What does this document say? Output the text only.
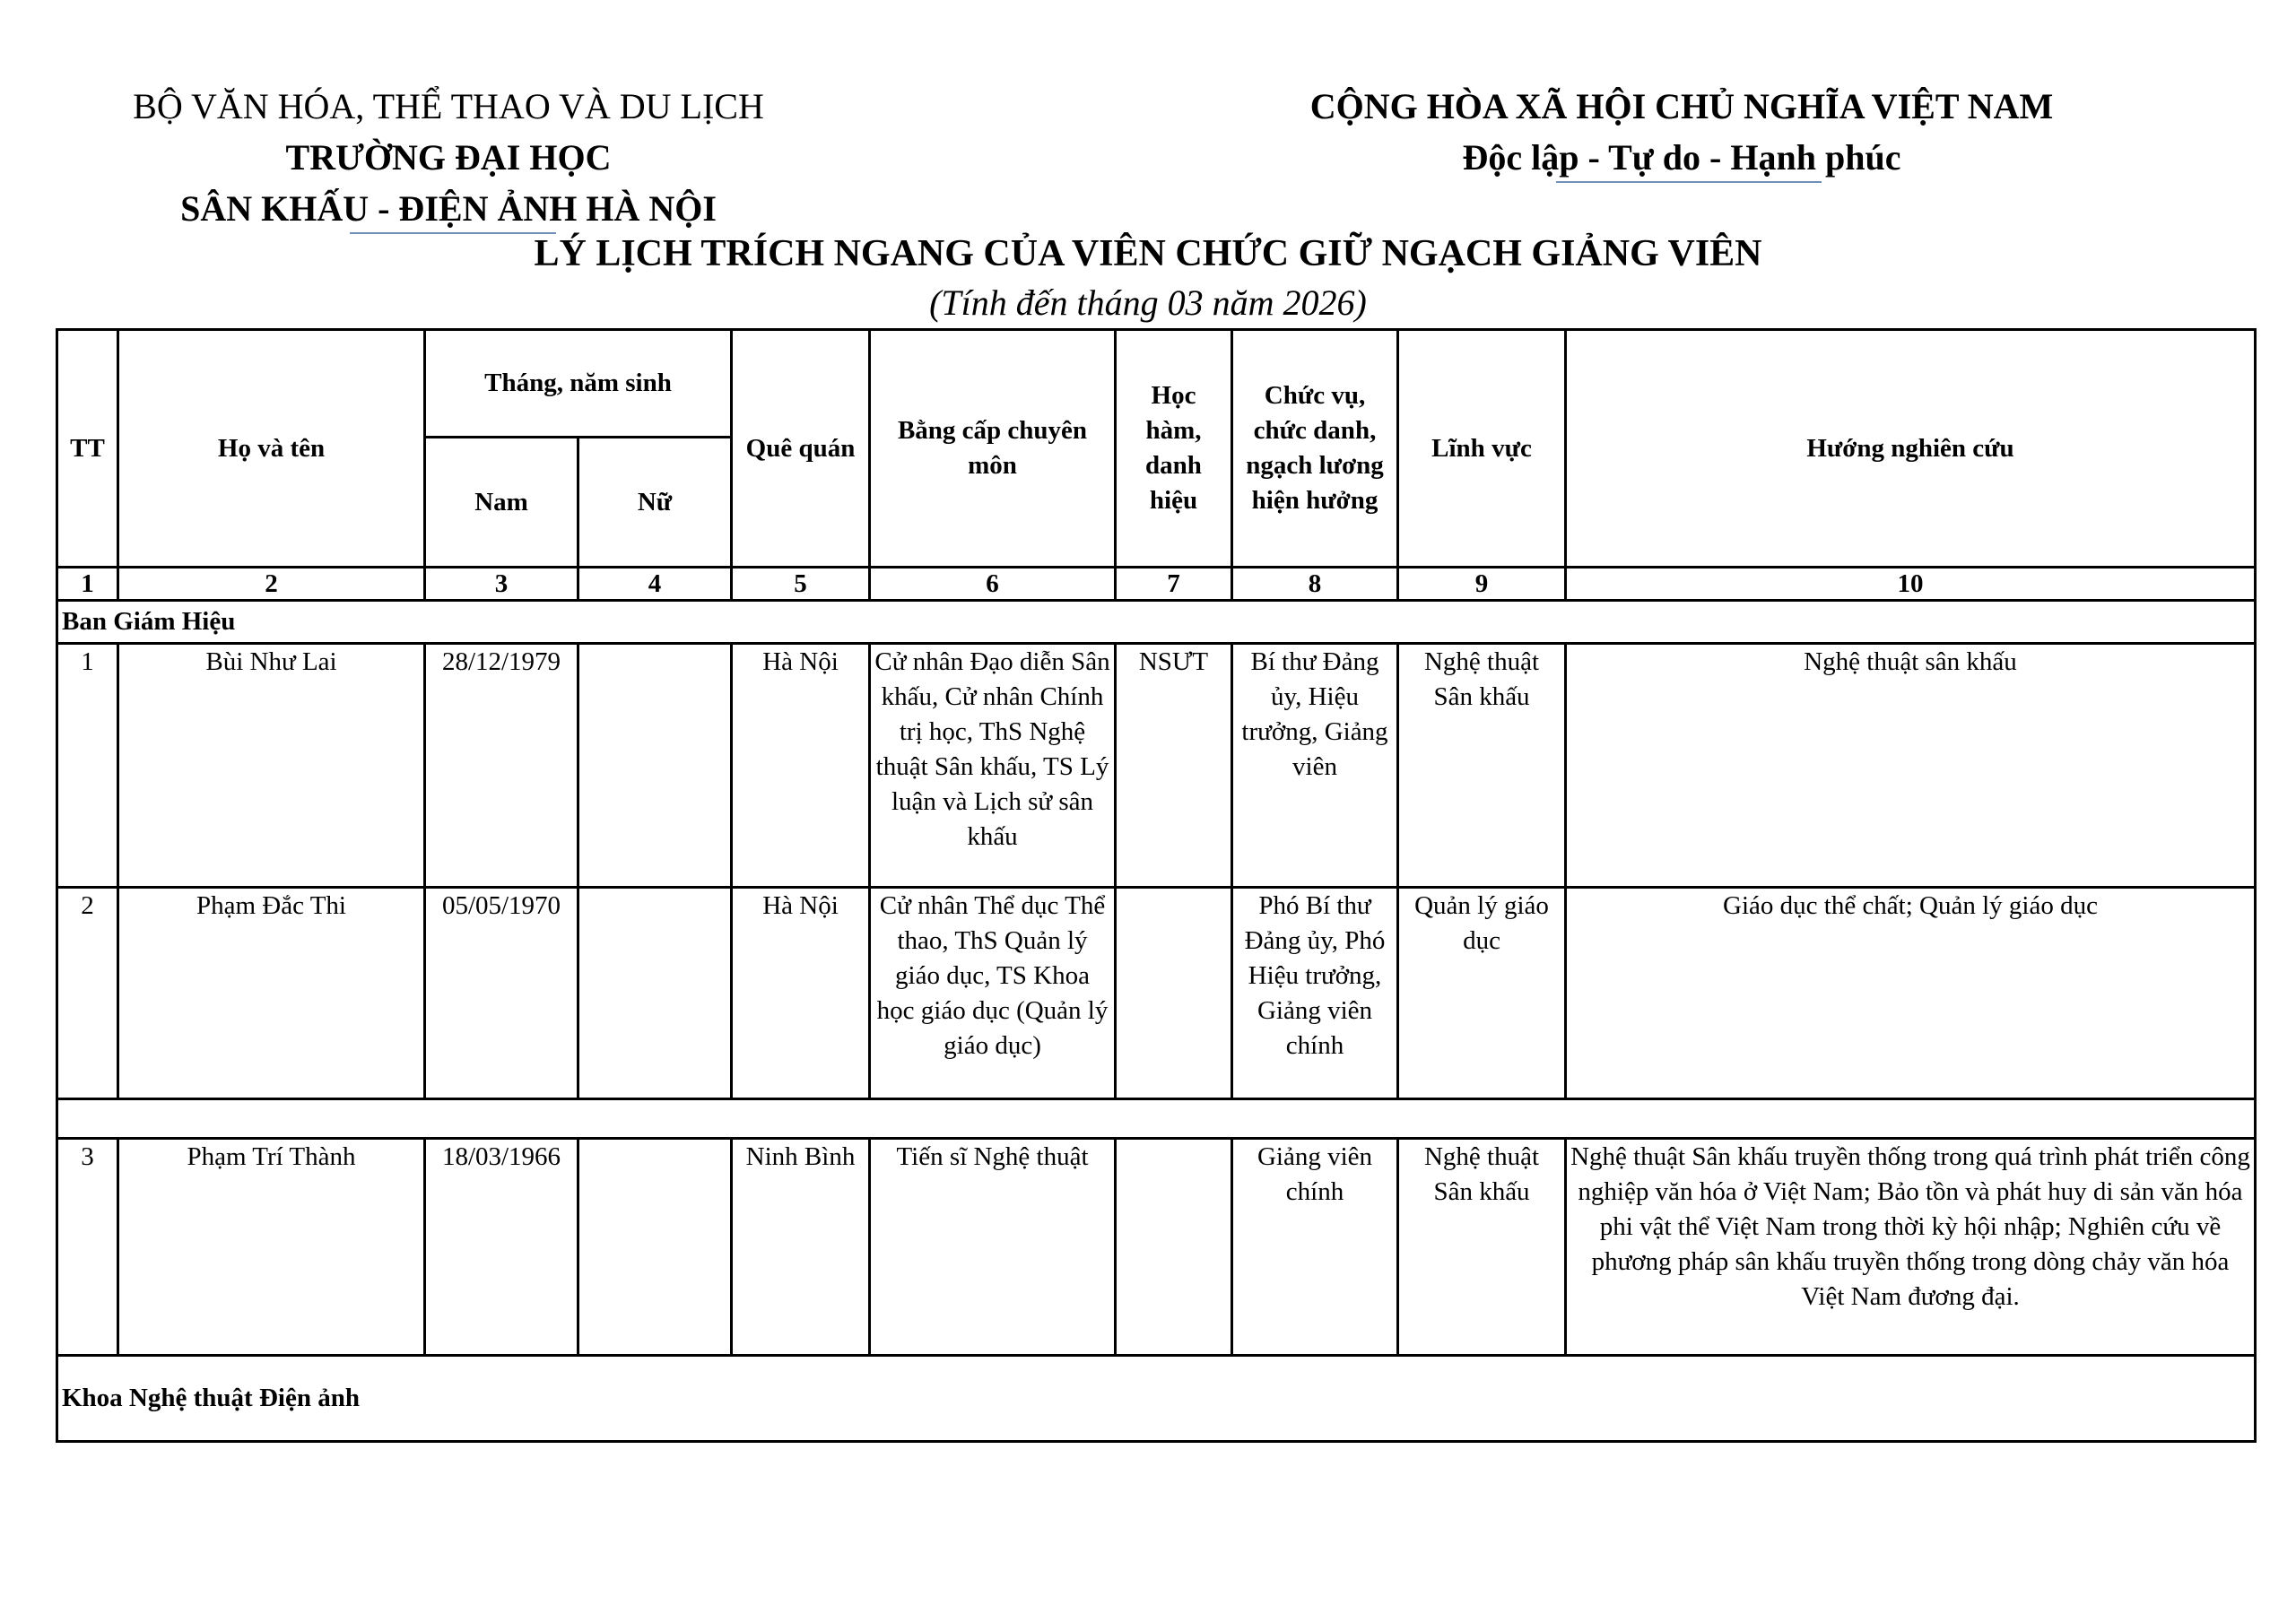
BỘ VĂN HÓA, THỂ THAO VÀ DU LỊCH
TRƯỜNG ĐẠI HỌC
SÂN KHẤU - ĐIỆN ẢNH HÀ NỘI
CỘNG HÒA XÃ HỘI CHỦ NGHĨA VIỆT NAM
Độc lập - Tự do - Hạnh phúc
LÝ LỊCH TRÍCH NGANG CỦA VIÊN CHỨC GIỮ NGẠCH GIẢNG VIÊN
(Tính đến tháng 03 năm 2026)
TT	Họ và tên	Tháng, năm sinh		Quê quán	Bằng cấp chuyên môn	Học hàm, danh hiệu	Chức vụ, chức danh, ngạch lương hiện hưởng	Lĩnh vực	Hướng nghiên cứu
		Nam	Nữ						
1	2	3	4	5	6	7	8	9	10
Ban Giám Hiệu									
1	Bùi Như Lai	28/12/1979		Hà Nội	Cử nhân Đạo diễn Sân khấu, Cử nhân Chính trị học, ThS Nghệ thuật Sân khấu, TS Lý luận và Lịch sử sân khấu	NSƯT	Bí thư Đảng ủy, Hiệu trưởng, Giảng viên	Nghệ thuật Sân khấu	Nghệ thuật sân khấu
2	Phạm Đắc Thi	05/05/1970		Hà Nội	Cử nhân Thể dục Thể thao, ThS Quản lý giáo dục, TS Khoa học giáo dục (Quản lý giáo dục)		Phó Bí thư Đảng ủy, Phó Hiệu trưởng, Giảng viên chính	Quản lý giáo dục	Giáo dục thể chất; Quản lý giáo dục

3	Phạm Trí Thành	18/03/1966		Ninh Bình	Tiến sĩ Nghệ thuật		Giảng viên chính	Nghệ thuật Sân khấu	Nghệ thuật Sân khấu truyền thống trong quá trình phát triển công nghiệp văn hóa ở Việt Nam; Bảo tồn và phát huy di sản văn hóa phi vật thể Việt Nam trong thời kỳ hội nhập; Nghiên cứu về phương pháp sân khấu truyền thống trong dòng chảy văn hóa Việt Nam đương đại.
Khoa Nghệ thuật Điện ảnh									
